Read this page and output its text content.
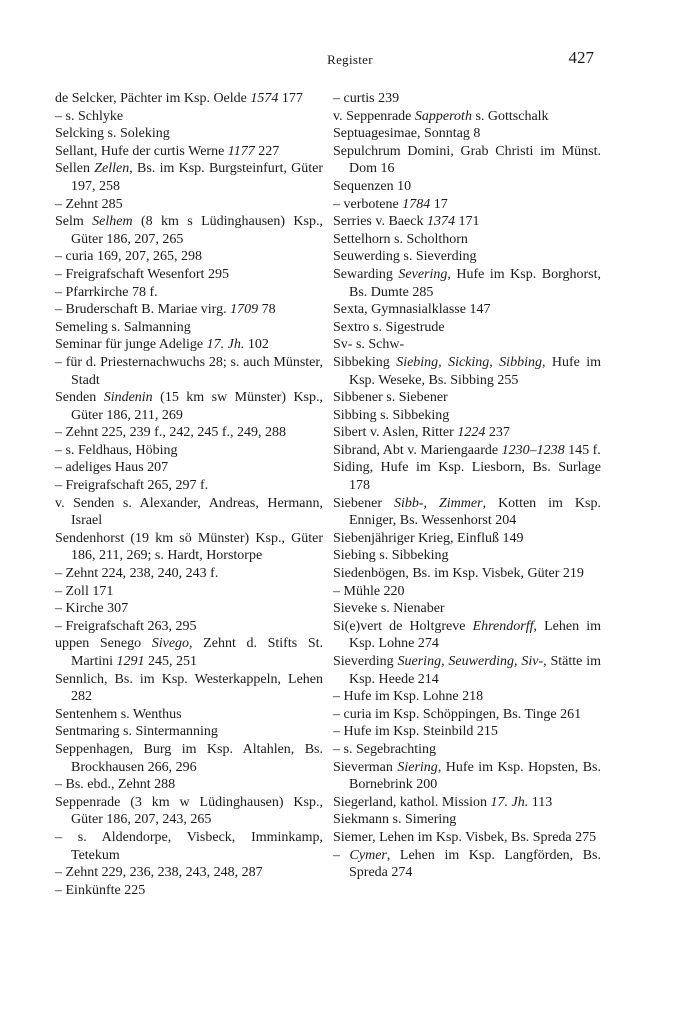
Register	427

de Selcker, Pächter im Ksp. Oelde 1574 177

– s. Schlyke

Selcking s. Soleking

Sellant, Hufe der curtis Werne 1177 227

Sellen Zellen, Bs. im Ksp. Burgsteinfurt, Güter 197, 258

– Zehnt 285

Selm Selhem (8 km s Lüdinghausen) Ksp., Güter 186, 207, 265

– curia 169, 207, 265, 298

– Freigrafschaft Wesenfort 295

– Pfarrkirche 78 f.

– Bruderschaft B. Mariae virg. 1709 78

Semeling s. Salmanning

Seminar für junge Adelige 17. Jh. 102

– für d. Priesternachwuchs 28; s. auch Münster, Stadt

Senden Sindenin (15 km sw Münster) Ksp., Güter 186, 211, 269

– Zehnt 225, 239 f., 242, 245 f., 249, 288

– s. Feldhaus, Höbing

– adeliges Haus 207

– Freigrafschaft 265, 297 f.

v. Senden s. Alexander, Andreas, Hermann, Israel

Sendenhorst (19 km sö Münster) Ksp., Güter 186, 211, 269; s. Hardt, Horstorpe

– Zehnt 224, 238, 240, 243 f.

– Zoll 171

– Kirche 307

– Freigrafschaft 263, 295

uppen Senego Sivego, Zehnt d. Stifts St. Martini 1291 245, 251

Sennlich, Bs. im Ksp. Westerkappeln, Lehen 282

Sentenhem s. Wenthus

Sentmaring s. Sintermanning

Seppenhagen, Burg im Ksp. Altahlen, Bs. Brockhausen 266, 296

– Bs. ebd., Zehnt 288

Seppenrade (3 km w Lüdinghausen) Ksp., Güter 186, 207, 243, 265

– s. Aldendorpe, Visbeck, Imminkamp, Tetekum

– Zehnt 229, 236, 238, 243, 248, 287

– Einkünfte 225

– curtis 239

v. Seppenrade Sapperoth s. Gottschalk

Septuagesimae, Sonntag 8

Sepulchrum Domini, Grab Christi im Münst. Dom 16

Sequenzen 10

– verbotene 1784 17

Serries v. Baeck 1374 171

Settelhorn s. Scholthorn

Seuwerding s. Sieverding

Sewarding Severing, Hufe im Ksp. Borghorst, Bs. Dumte 285

Sexta, Gymnasialklasse 147

Sextro s. Sigestrude

Sv- s. Schw-

Sibbeking Siebing, Sicking, Sibbing, Hufe im Ksp. Weseke, Bs. Sibbing 255

Sibbener s. Siebener

Sibbing s. Sibbeking

Sibert v. Aslen, Ritter 1224 237

Sibrand, Abt v. Mariengaarde 1230–1238 145 f.

Siding, Hufe im Ksp. Liesborn, Bs. Surlage 178

Siebener Sibb-, Zimmer, Kotten im Ksp. Enniger, Bs. Wessenhorst 204

Siebenjähriger Krieg, Einfluß 149

Siebing s. Sibbeking

Siedenbögen, Bs. im Ksp. Visbek, Güter 219

– Mühle 220

Sieveke s. Nienaber

Si(e)vert de Holtgreve Ehrendorff, Lehen im Ksp. Lohne 274

Sieverding Suering, Seuwerding, Siv-, Stätte im Ksp. Heede 214

– Hufe im Ksp. Lohne 218

– curia im Ksp. Schöppingen, Bs. Tinge 261

– Hufe im Ksp. Steinbild 215

– s. Segebrachting

Sieverman Siering, Hufe im Ksp. Hopsten, Bs. Bornebrink 200

Siegerland, kathol. Mission 17. Jh. 113

Siekmann s. Simering

Siemer, Lehen im Ksp. Visbek, Bs. Spreda 275

– Cymer, Lehen im Ksp. Langförden, Bs. Spreda 274
